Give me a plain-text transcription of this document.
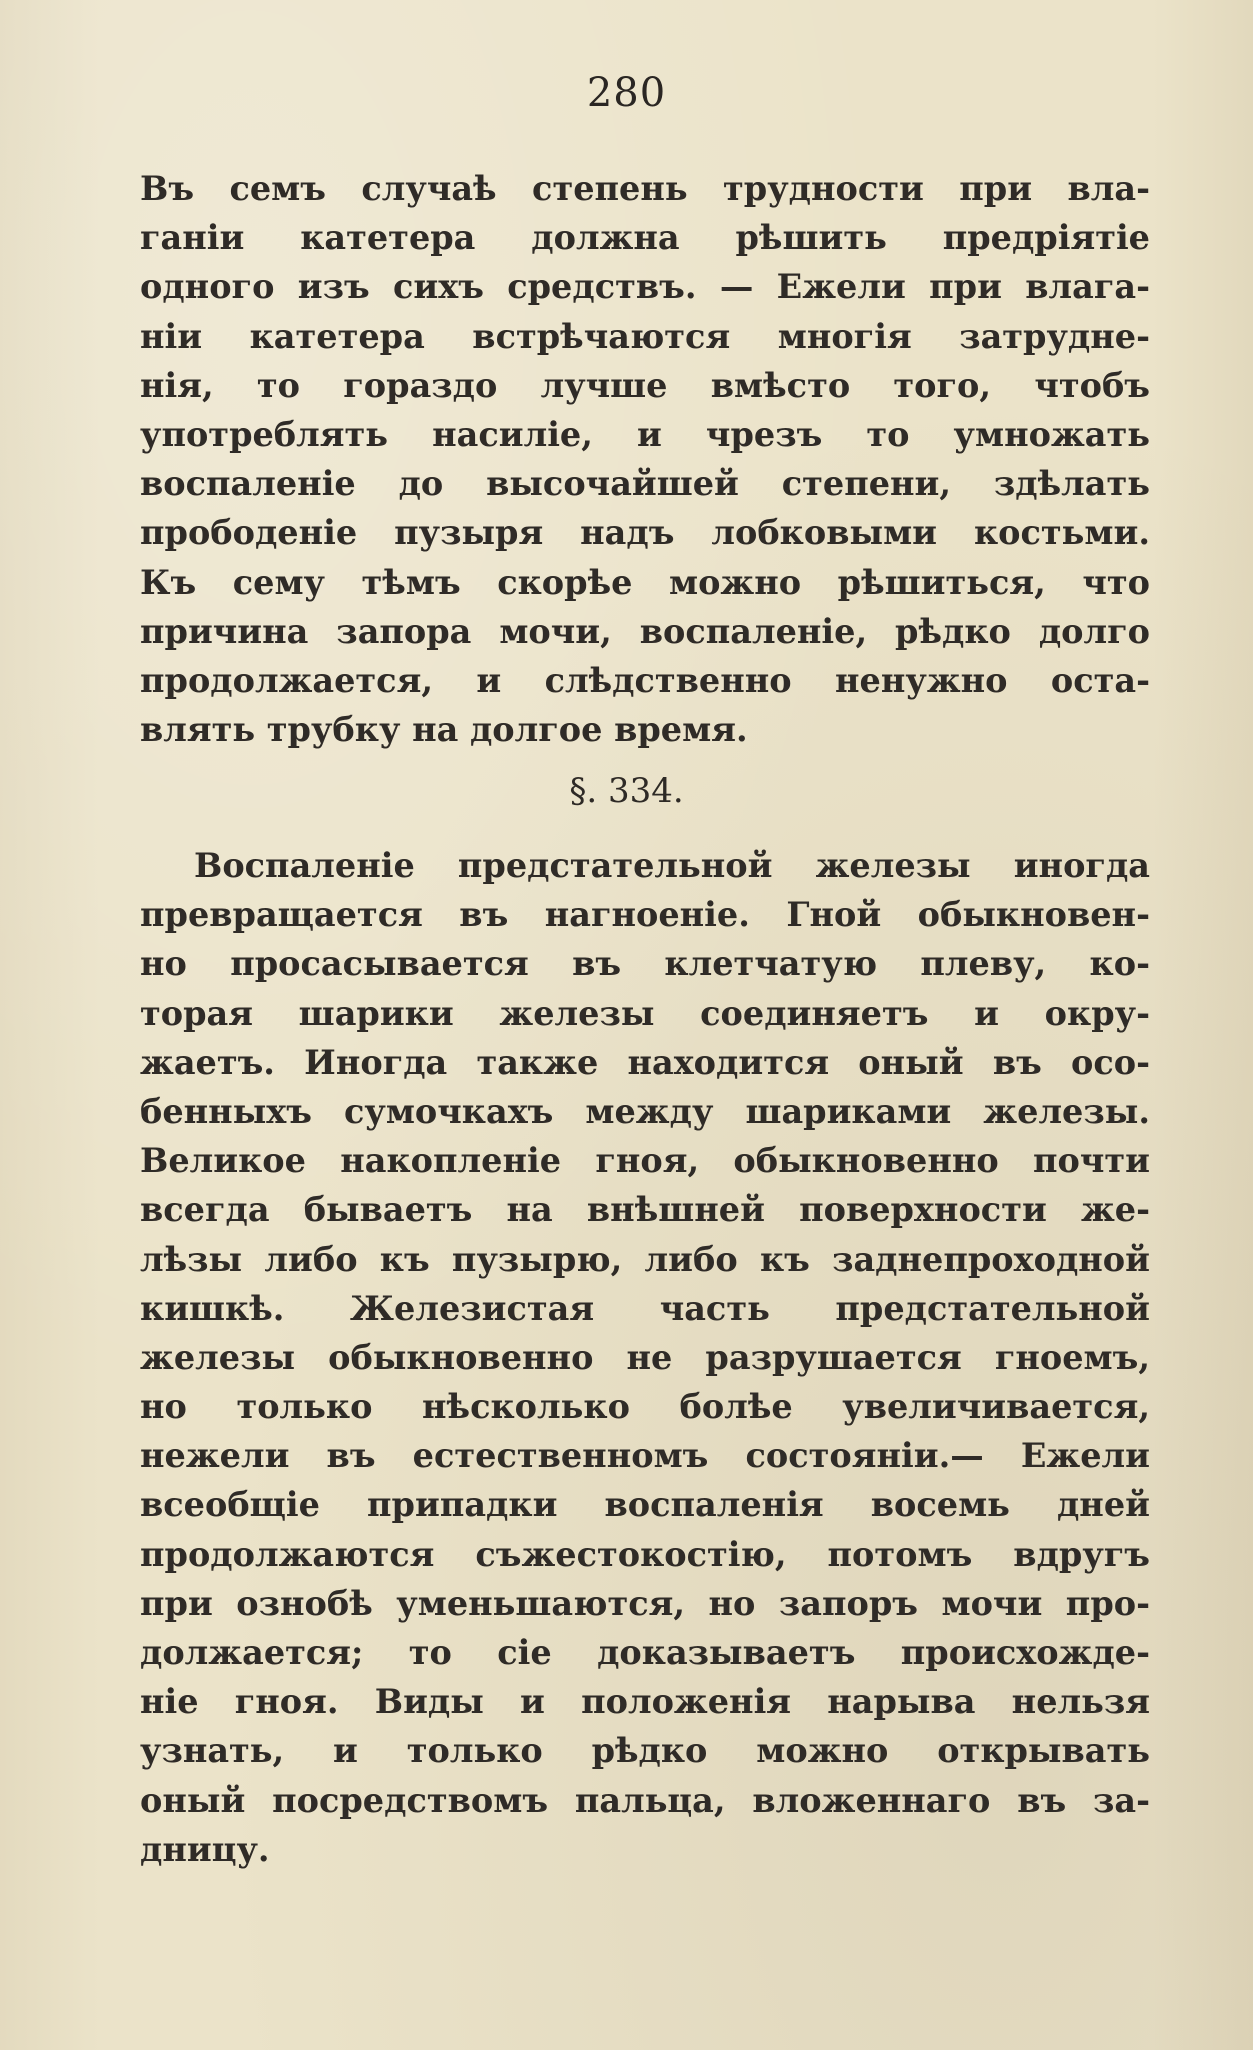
280
Въ семъ случаѣ степень трудности при вла-
ганіи катетера должна рѣшить предріятіе
одного изъ сихъ средствъ. — Ежели при влага-
ніи катетера встрѣчаются многія затрудне-
нія, то гораздо лучше вмѣсто того, чтобъ
употреблять насиліе, и чрезъ то умножать
воспаленіе до высочайшей степени, здѣлать
прободеніе пузыря надъ лобковыми костьми.
Къ сему тѣмъ скорѣе можно рѣшиться, что
причина запора мочи, воспаленіе, рѣдко долго
продолжается, и слѣдственно ненужно оста-
влять трубку на долгое время.
§. 334.
Воспаленіе предстательной железы иногда
превращается въ нагноеніе. Гной обыкновен-
но просасывается въ клетчатую плеву, ко-
торая шарики железы соединяетъ и окру-
жаетъ. Иногда также находится оный въ осо-
бенныхъ сумочкахъ между шариками железы.
Великое накопленіе гноя, обыкновенно почти
всегда бываетъ на внѣшней поверхности же-
лѣзы либо къ пузырю, либо къ заднепроходной
кишкѣ. Железистая часть предстательной
железы обыкновенно не разрушается гноемъ,
но только нѣсколько болѣе увеличивается,
нежели въ естественномъ состояніи.— Ежели
всеобщіе припадки воспаленія восемь дней
продолжаются съжестокостію, потомъ вдругъ
при ознобѣ уменьшаются, но запоръ мочи про-
должается; то сіе доказываетъ происхожде-
ніе гноя. Виды и положенія нарыва нельзя
узнать, и только рѣдко можно открывать
оный посредствомъ пальца, вложеннаго въ за-
дницу.
